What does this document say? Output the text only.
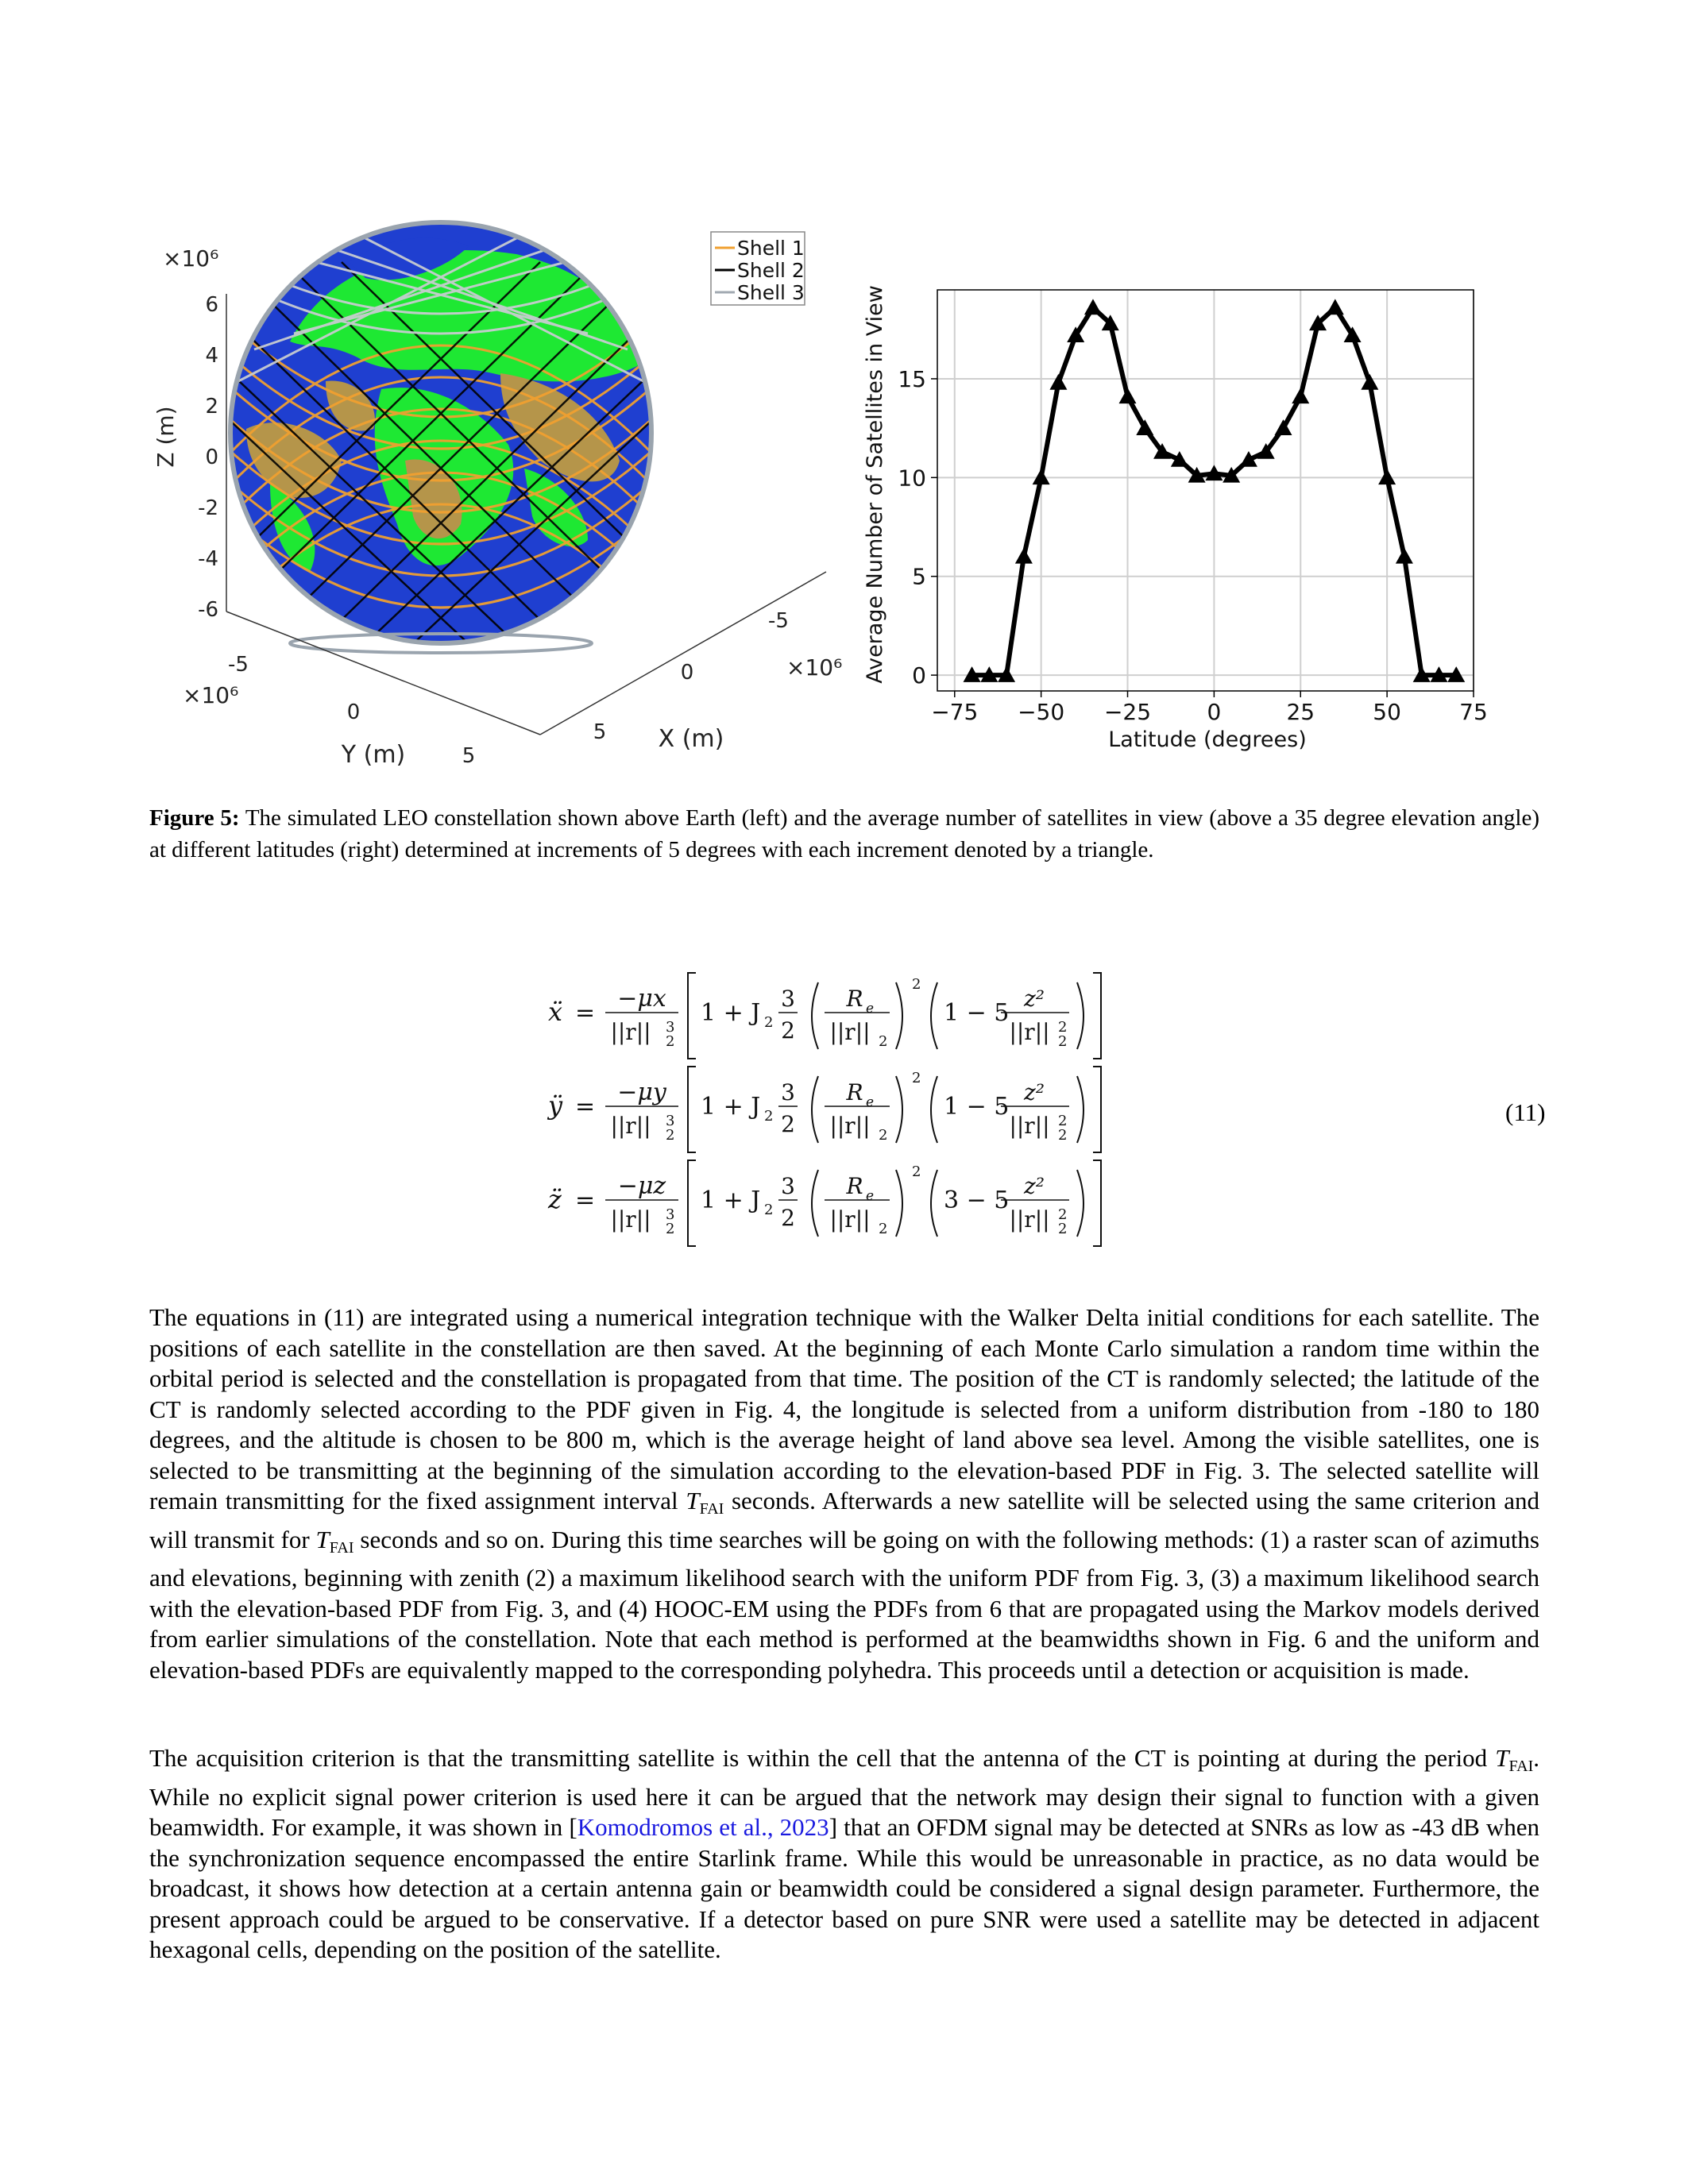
6
4
2
0
-2
-4
-6
-5
0
5
-5
0
5
×10⁶
Z (m)
×10⁶
Y (m)
×10⁶
X (m)
Shell 1
Shell 2
Shell 3
−75 −50 −25	0	25	50	75
0
5
10
15
Latitude (degrees)
Average Number of Satellites in View
Figure 5: The simulated LEO constellation shown above Earth (left) and the average number of satellites in view (above a 35 degree elevation angle) at different latitudes (right) determined at increments of 5 degrees with each increment denoted by a triangle.
ẍ =
−μx
||r|| 3
2
1 + J 2
3
2
R e
||r|| 2
2
1 − 5
z²
||r|| 2
2
ÿ =
−μy
||r|| 3
2
1 + J 2
3
2
R e
||r|| 2
2
1 − 5
z²
||r|| 2
2
z̈ =
−μz
||r|| 3
2
1 + J 2
3
2
R e
||r|| 2
2
3 − 5
z²
||r|| 2
2
(11)

The equations in (11) are integrated using a numerical integration technique with the Walker Delta initial conditions for each satellite. The positions of each satellite in the constellation are then saved. At the beginning of each Monte Carlo simulation a random time within the orbital period is selected and the constellation is propagated from that time. The position of the CT is randomly selected; the latitude of the CT is randomly selected according to the PDF given in Fig. 4, the longitude is selected from a uniform distribution from -180 to 180 degrees, and the altitude is chosen to be 800 m, which is the average height of land above sea level. Among the visible satellites, one is selected to be transmitting at the beginning of the simulation according to the elevation-based PDF in Fig. 3. The selected satellite will remain transmitting for the fixed assignment interval $T_{FAI}$ seconds. Afterwards a new satellite will be selected using the same criterion and will transmit for $T_{FAI}$ seconds and so on. During this time searches will be going on with the following methods: (1) a raster scan of azimuths and elevations, beginning with zenith (2) a maximum likelihood search with the uniform PDF from Fig. 3, (3) a maximum likelihood search with the elevation-based PDF from Fig. 3, and (4) HOOC-EM using the PDFs from 6 that are propagated using the Markov models derived from earlier simulations of the constellation. Note that each method is performed at the beamwidths shown in Fig. 6 and the uniform and elevation-based PDFs are equivalently mapped to the corresponding polyhedra. This proceeds until a detection or acquisition is made.

The acquisition criterion is that the transmitting satellite is within the cell that the antenna of the CT is pointing at during the period $T_{FAI}$. While no explicit signal power criterion is used here it can be argued that the network may design their signal to function with a given beamwidth. For example, it was shown in [Komodromos et al., 2023] that an OFDM signal may be detected at SNRs as low as -43 dB when the synchronization sequence encompassed the entire Starlink frame. While this would be unreasonable in practice, as no data would be broadcast, it shows how detection at a certain antenna gain or beamwidth could be considered a signal design parameter. Furthermore, the present approach could be argued to be conservative. If a detector based on pure SNR were used a satellite may be detected in adjacent hexagonal cells, depending on the position of the satellite.
